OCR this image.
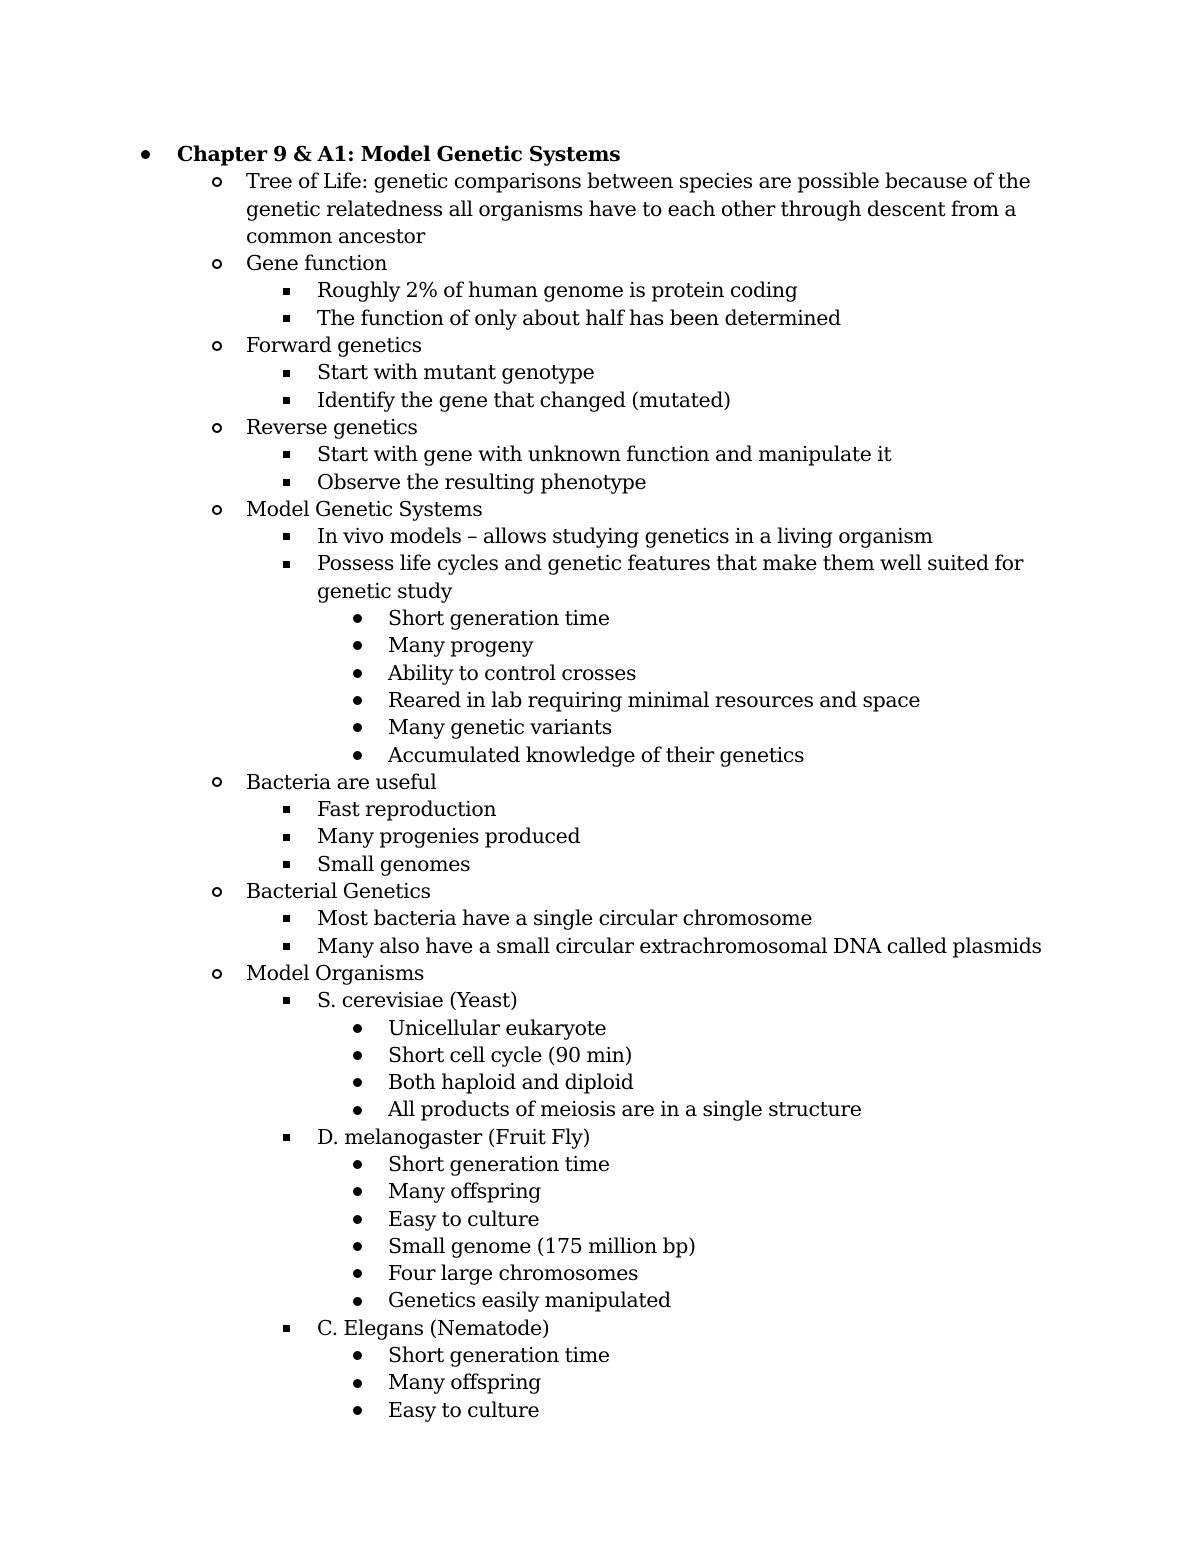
Chapter 9 & A1: Model Genetic Systems
Tree of Life: genetic comparisons between species are possible because of the genetic relatedness all organisms have to each other through descent from a common ancestor
Gene function
Roughly 2% of human genome is protein coding
The function of only about half has been determined
Forward genetics
Start with mutant genotype
Identify the gene that changed (mutated)
Reverse genetics
Start with gene with unknown function and manipulate it
Observe the resulting phenotype
Model Genetic Systems
In vivo models – allows studying genetics in a living organism
Possess life cycles and genetic features that make them well suited for genetic study
Short generation time
Many progeny
Ability to control crosses
Reared in lab requiring minimal resources and space
Many genetic variants
Accumulated knowledge of their genetics
Bacteria are useful
Fast reproduction
Many progenies produced
Small genomes
Bacterial Genetics
Most bacteria have a single circular chromosome
Many also have a small circular extrachromosomal DNA called plasmids
Model Organisms
S. cerevisiae (Yeast)
Unicellular eukaryote
Short cell cycle (90 min)
Both haploid and diploid
All products of meiosis are in a single structure
D. melanogaster (Fruit Fly)
Short generation time
Many offspring
Easy to culture
Small genome (175 million bp)
Four large chromosomes
Genetics easily manipulated
C. Elegans (Nematode)
Short generation time
Many offspring
Easy to culture
